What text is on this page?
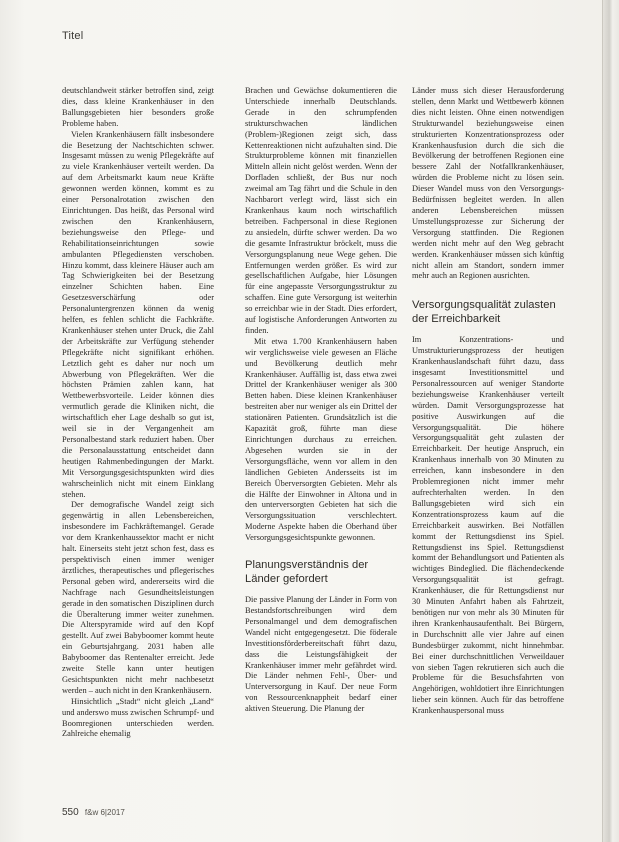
Titel

deutschlandweit stärker betroffen sind, zeigt dies, dass kleine Krankenhäuser in den Ballungsgebieten hier besonders große Probleme haben.

Vielen Krankenhäusern fällt insbesondere die Besetzung der Nachtschichten schwer. Insgesamt müssen zu wenig Pflegekräfte auf zu viele Krankenhäuser verteilt werden. Da auf dem Arbeitsmarkt kaum neue Kräfte gewonnen werden können, kommt es zu einer Personalrotation zwischen den Einrichtungen. Das heißt, das Personal wird zwischen den Krankenhäusern, beziehungsweise den Pflege- und Rehabilitationseinrichtungen sowie ambulanten Pflegediensten verschoben. Hinzu kommt, dass kleinere Häuser auch am Tag Schwierigkeiten bei der Besetzung einzelner Schichten haben. Eine Gesetzesverschärfung oder Personaluntergrenzen können da wenig helfen, es fehlen schlicht die Fachkräfte. Krankenhäuser stehen unter Druck, die Zahl der Arbeitskräfte zur Verfügung stehender Pflegekräfte nicht signifikant erhöhen. Letztlich geht es daher nur noch um Abwerbung von Pflegekräften. Wer die höchsten Prämien zahlen kann, hat Wettbewerbsvorteile. Leider können dies vermutlich gerade die Kliniken nicht, die wirtschaftlich eher Lage deshalb so gut ist, weil sie in der Vergangenheit am Personalbestand stark reduziert haben. Über die Personalausstattung entscheidet dann heutigen Rahmenbedingungen der Markt. Mit Versorgungsgesichtspunkten wird dies wahrscheinlich nicht mit einem Einklang stehen.

Der demografische Wandel zeigt sich gegenwärtig in allen Lebensbereichen, insbesondere im Fachkräftemangel. Gerade vor dem Krankenhaussektor macht er nicht halt. Einerseits steht jetzt schon fest, dass es perspektivisch einen immer weniger ärztliches, therapeutisches und pflegerisches Personal geben wird, andererseits wird die Nachfrage nach Gesundheitsleistungen gerade in den somatischen Disziplinen durch die Überalterung immer weiter zunehmen. Die Alterspyramide wird auf den Kopf gestellt. Auf zwei Babyboomer kommt heute ein Geburtsjahrgang. 2031 haben alle Babyboomer das Rentenalter erreicht. Jede zweite Stelle kann unter heutigen Gesichtspunkten nicht mehr nachbesetzt werden – auch nicht in den Krankenhäusern.

Hinsichtlich „Stadt“ nicht gleich „Land“ und anderswo muss zwischen Schrumpf- und Boomregionen unterschieden werden. Zahlreiche ehemalig

Brachen und Gewächse dokumentieren die Unterschiede innerhalb Deutschlands. Gerade in den schrumpfenden strukturschwachen ländlichen (Problem-)Regionen zeigt sich, dass Kettenreaktionen nicht aufzuhalten sind. Die Strukturprobleme können mit finanziellen Mitteln allein nicht gelöst werden. Wenn der Dorfladen schließt, der Bus nur noch zweimal am Tag fährt und die Schule in den Nachbarort verlegt wird, lässt sich ein Krankenhaus kaum noch wirtschaftlich betreiben. Fachpersonal in diese Regionen zu ansiedeln, dürfte schwer werden. Da wo die gesamte Infrastruktur bröckelt, muss die Versorgungsplanung neue Wege gehen. Die Entfernungen werden größer. Es wird zur gesellschaftlichen Aufgabe, hier Lösungen für eine angepasste Versorgungsstruktur zu schaffen. Eine gute Versorgung ist weiterhin so erreichbar wie in der Stadt. Dies erfordert, auf logistische Anforderungen Antworten zu finden.

Mit etwa 1.700 Krankenhäusern haben wir verglichsweise viele gewesen an Fläche und Bevölkerung deutlich mehr Krankenhäuser. Auffällig ist, dass etwa zwei Drittel der Krankenhäuser weniger als 300 Betten haben. Diese kleinen Krankenhäuser bestreiten aber nur weniger als ein Drittel der stationären Patienten. Grundsätzlich ist die Kapazität groß, führte man diese Einrichtungen durchaus zu erreichen. Abgesehen wurden sie in der Versorgungsfläche, wenn vor allem in den ländlichen Gebieten Andersseits ist im Bereich Überversorgten Gebieten. Mehr als die Hälfte der Einwohner in Altona und in den unterversorgten Gebieten hat sich die Versorgungssituation verschlechtert. Moderne Aspekte haben die Oberhand über Versorgungsgesichtspunkte gewonnen.

Planungsverständnis der Länder gefordert

Die passive Planung der Länder in Form von Bestandsfortschreibungen wird dem Personalmangel und dem demografischen Wandel nicht entgegengesetzt. Die föderale Investitionsförderbereitschaft führt dazu, dass die Leistungsfähigkeit der Krankenhäuser immer mehr gefährdet wird. Die Länder nehmen Fehl-, Über- und Unterversorgung in Kauf. Der neue Form von Ressourcenknappheit bedarf einer aktiven Steuerung. Die Planung der

Länder muss sich dieser Herausforderung stellen, denn Markt und Wettbewerb können dies nicht leisten. Ohne einen notwendigen Strukturwandel beziehungsweise einen strukturierten Konzentrationsprozess oder Krankenhausfusion durch die sich die Bevölkerung der betroffenen Regionen eine bessere Zahl der Notfallkrankenhäuser, würden die Probleme nicht zu lösen sein. Dieser Wandel muss von den Versorgungs-Bedürfnissen begleitet werden. In allen anderen Lebensbereichen müssen Umstellungsprozesse zur Sicherung der Versorgung stattfinden. Die Regionen werden nicht mehr auf den Weg gebracht werden. Krankenhäuser müssen sich künftig nicht allein am Standort, sondern immer mehr auch an Regionen ausrichten.

Versorgungsqualität zulasten der Erreichbarkeit

Im Konzentrations- und Umstrukturierungsprozess der heutigen Krankenhauslandschaft führt dazu, dass insgesamt Investitionsmittel und Personalressourcen auf weniger Standorte beziehungsweise Krankenhäuser verteilt würden. Damit Versorgungsprozesse hat positive Auswirkungen auf die Versorgungsqualität. Die höhere Versorgungsqualität geht zulasten der Erreichbarkeit. Der heutige Anspruch, ein Krankenhaus innerhalb von 30 Minuten zu erreichen, kann insbesondere in den Problemregionen nicht immer mehr aufrechterhalten werden. In den Ballungsgebieten wird sich ein Konzentrationsprozess kaum auf die Erreichbarkeit auswirken. Bei Notfällen kommt der Rettungsdienst ins Spiel. Rettungsdienst ins Spiel. Rettungsdienst kommt der Behandlungsort und Patienten als wichtiges Bindeglied. Die flächendeckende Versorgungsqualität ist gefragt. Krankenhäuser, die für Rettungsdienst nur 30 Minuten Anfahrt haben als Fahrtzeit, benötigen nur von mehr als 30 Minuten für ihren Krankenhausaufenthalt. Bei Bürgern, in Durchschnitt alle vier Jahre auf einen Bundesbürger zukommt, nicht hinnehmbar. Bei einer durchschnittlichen Verweildauer von sieben Tagen rekrutieren sich auch die Probleme für die Besuchsfahrten von Angehörigen, wohldotiert ihre Einrichtungen lieber sein können. Auch für das betroffene Krankenhauspersonal muss

550 f&w 6|2017
